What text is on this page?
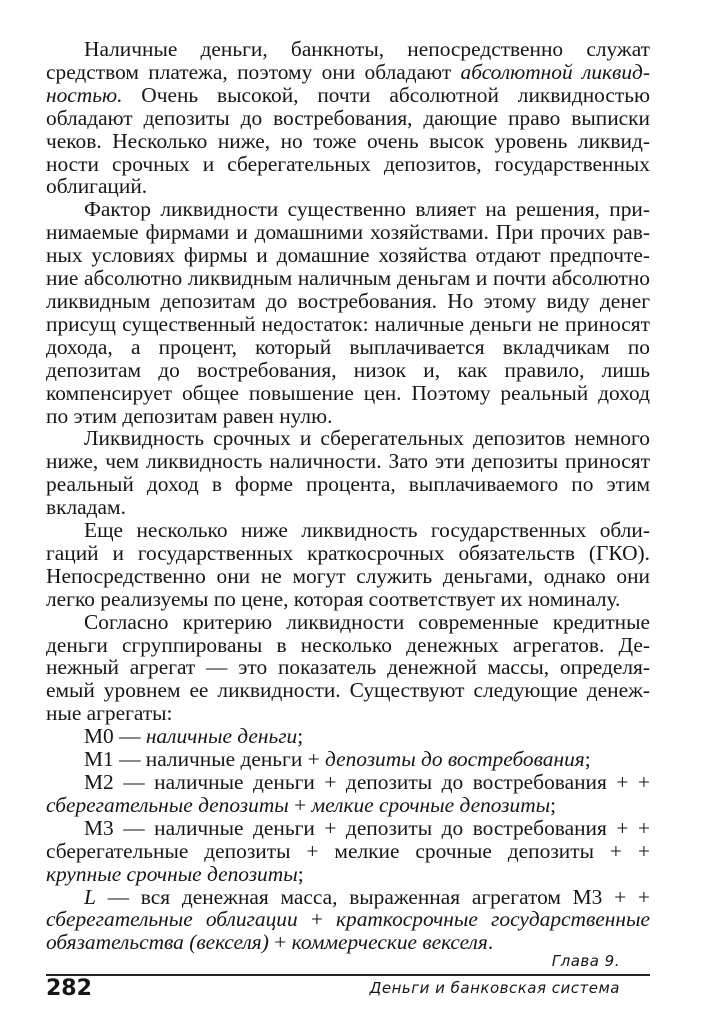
Наличные деньги, банкноты, непосредственно служат средством платежа, поэтому они обладают абсолютной ликвидностью. Очень высокой, почти абсолютной ликвидностью обладают депозиты до востребования, дающие право выписки чеков. Несколько ниже, но тоже очень высок уровень ликвидности срочных и сберегательных депозитов, государственных облигаций.

Фактор ликвидности существенно влияет на решения, принимаемые фирмами и домашними хозяйствами. При прочих равных условиях фирмы и домашние хозяйства отдают предпочтение абсолютно ликвидным наличным деньгам и почти абсолютно ликвидным депозитам до востребования. Но этому виду денег присущ существенный недостаток: наличные деньги не приносят дохода, а процент, который выплачивается вкладчикам по депозитам до востребования, низок и, как правило, лишь компенсирует общее повышение цен. Поэтому реальный доход по этим депозитам равен нулю.

Ликвидность срочных и сберегательных депозитов немного ниже, чем ликвидность наличности. Зато эти депозиты приносят реальный доход в форме процента, выплачиваемого по этим вкладам.

Еще несколько ниже ликвидность государственных облигаций и государственных краткосрочных обязательств (ГКО). Непосредственно они не могут служить деньгами, однако они легко реализуемы по цене, которая соответствует их номиналу.

Согласно критерию ликвидности современные кредитные деньги сгруппированы в несколько денежных агрегатов. Денежный агрегат — это показатель денежной массы, определяемый уровнем ее ликвидности. Существуют следующие денежные агрегаты:

М0 — наличные деньги;

M1 — наличные деньги + депозиты до востребования;

М2 — наличные деньги + депозиты до востребования + + сберегательные депозиты + мелкие срочные депозиты;

М3 — наличные деньги + депозиты до востребования + + сберегательные депозиты + мелкие срочные депозиты + + крупные срочные депозиты;

L — вся денежная масса, выраженная агрегатом М3 + + сберегательные облигации + краткосрочные государственные обязательства (векселя) + коммерческие векселя.

Глава 9.
282	Деньги и банковская система
